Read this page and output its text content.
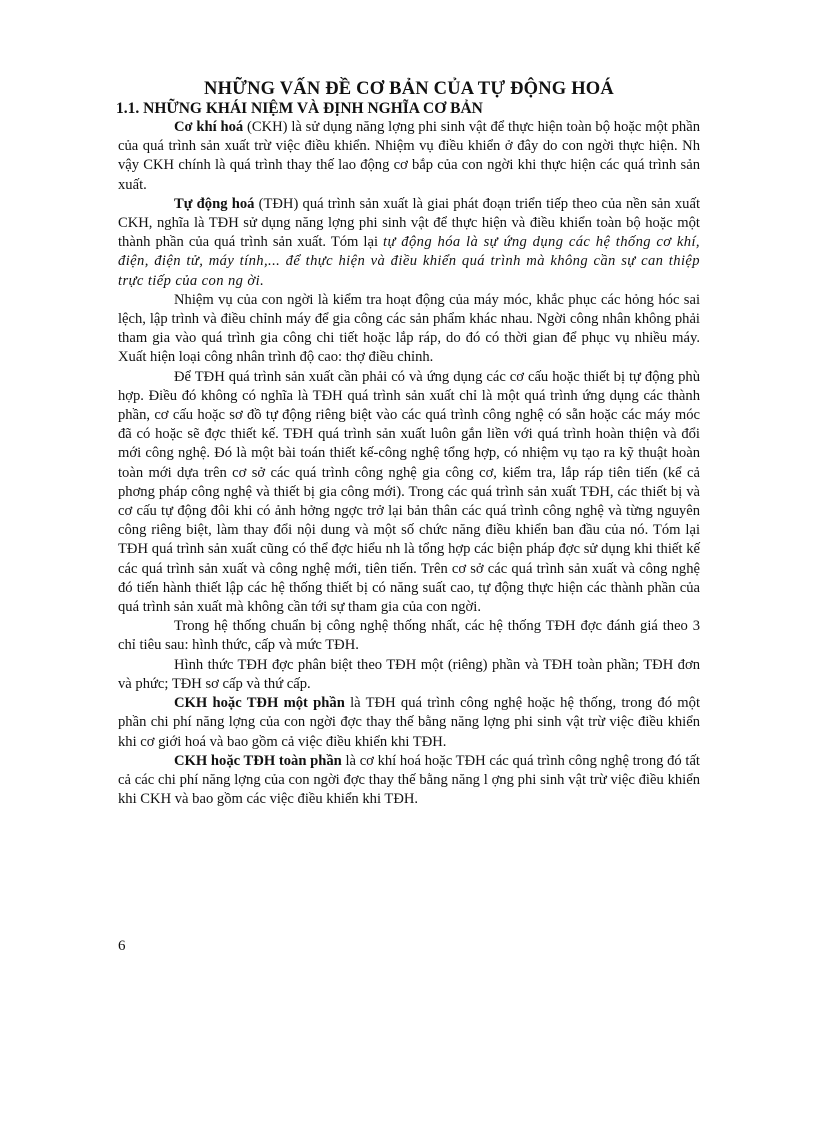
NHỮNG VẤN ĐỀ CƠ BẢN CỦA TỰ ĐỘNG HOÁ
1.1. NHỮNG KHÁI NIỆM VÀ ĐỊNH NGHĨA CƠ BẢN

Cơ khí hoá (CKH) là sử dụng năng lợng phi sinh vật để thực hiện toàn bộ hoặc một phần của quá trình sản xuất trừ việc điều khiển. Nhiệm vụ điều khiển ở đây do con ngời thực hiện. Nh vậy CKH chính là quá trình thay thế lao động cơ bắp của con ngời khi thực hiện các quá trình sản xuất.

Tự động hoá (TĐH) quá trình sản xuất là giai phát đoạn triển tiếp theo của nền sản xuất CKH, nghĩa là TĐH sử dụng năng lợng phi sinh vật để thực hiện và điều khiển toàn bộ hoặc một thành phần của quá trình sản xuất. Tóm lại tự động hóa là sự ứng dụng các hệ thống cơ khí, điện, điện tử, máy tính,... để thực hiện và điều khiển quá trình mà không cần sự can thiệp trực tiếp của con ng ời.

Nhiệm vụ của con ngời là kiểm tra hoạt động của máy móc, khắc phục các hỏng hóc sai lệch, lập trình và điều chỉnh máy để gia công các sản phẩm khác nhau. Ngời công nhân không phải tham gia vào quá trình gia công chi tiết hoặc lắp ráp, do đó có thời gian để phục vụ nhiều máy. Xuất hiện loại công nhân trình độ cao: thợ điều chỉnh.

Để TĐH quá trình sản xuất cần phải có và ứng dụng các cơ cấu hoặc thiết bị tự động phù hợp. Điều đó không có nghĩa là TĐH quá trình sản xuất chỉ là một quá trình ứng dụng các thành phần, cơ cấu hoặc sơ đồ tự động riêng biệt vào các quá trình công nghệ có sẵn hoặc các máy móc đã có hoặc sẽ đợc thiết kế. TĐH quá trình sản xuất luôn gắn liền với quá trình hoàn thiện và đổi mới công nghệ. Đó là một bài toán thiết kế-công nghệ tổng hợp, có nhiệm vụ tạo ra kỹ thuật hoàn toàn mới dựa trên cơ sở các quá trình công nghệ gia công cơ, kiểm tra, lắp ráp tiên tiến (kể cả phơng pháp công nghệ và thiết bị gia công mới). Trong các quá trình sản xuất TĐH, các thiết bị và cơ cấu tự động đôi khi có ảnh hởng ngợc trở lại bản thân các quá trình công nghệ và từng nguyên công riêng biệt, làm thay đổi nội dung và một số chức năng điều khiển ban đầu của nó. Tóm lại TĐH quá trình sản xuất cũng có thể đợc hiểu nh là tổng hợp các biện pháp đợc sử dụng khi thiết kế các quá trình sản xuất và công nghệ mới, tiên tiến. Trên cơ sở các quá trình sản xuất và công nghệ đó tiến hành thiết lập các hệ thống thiết bị có năng suất cao, tự động thực hiện các thành phần của quá trình sản xuất mà không cần tới sự tham gia của con ngời.

Trong hệ thống chuẩn bị công nghệ thống nhất, các hệ thống TĐH đợc đánh giá theo 3 chỉ tiêu sau: hình thức, cấp và mức TĐH.

Hình thức TĐH đợc phân biệt theo TĐH một (riêng) phần và TĐH toàn phần; TĐH đơn và phức; TĐH sơ cấp và thứ cấp.

CKH hoặc TĐH một phần là TĐH quá trình công nghệ hoặc hệ thống, trong đó một phần chi phí năng lợng của con ngời đợc thay thế bằng năng lợng phi sinh vật trừ việc điều khiển khi cơ giới hoá và bao gồm cả việc điều khiển khi TĐH.

CKH hoặc TĐH toàn phần là cơ khí hoá hoặc TĐH các quá trình công nghệ trong đó tất cả các chi phí năng lợng của con ngời đợc thay thế bằng năng l ợng phi sinh vật trừ việc điều khiển khi CKH và bao gồm các việc điều khiển khi TĐH.

6
